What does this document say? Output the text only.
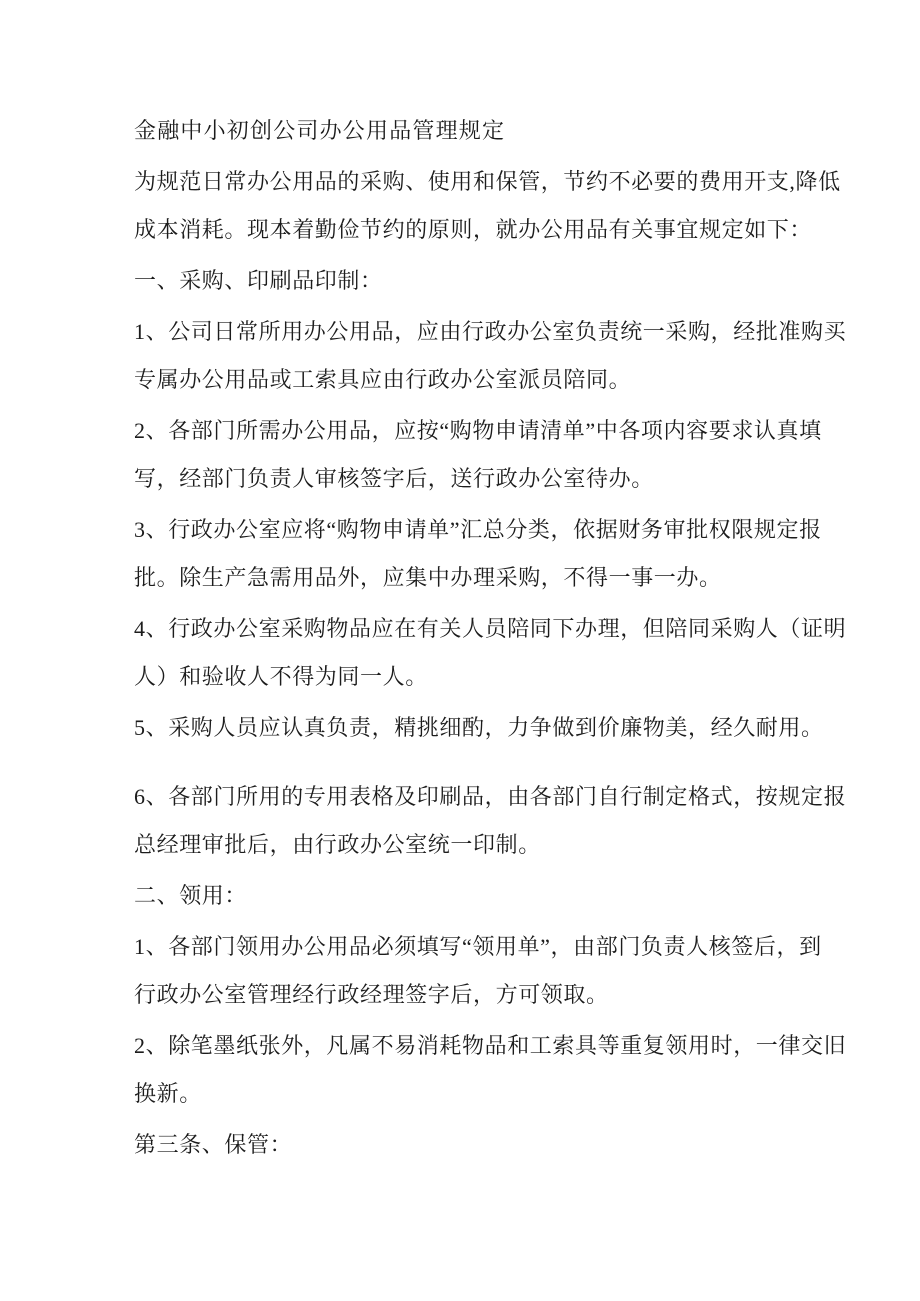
金融中小初创公司办公用品管理规定
为规范日常办公用品的采购、使用和保管，节约不必要的费用开支,降低
成本消耗。现本着勤俭节约的原则，就办公用品有关事宜规定如下：
一、采购、印刷品印制：
1、公司日常所用办公用品，应由行政办公室负责统一采购，经批准购买
专属办公用品或工索具应由行政办公室派员陪同。
2、各部门所需办公用品，应按“购物申请清单”中各项内容要求认真填
写，经部门负责人审核签字后，送行政办公室待办。
3、行政办公室应将“购物申请单”汇总分类，依据财务审批权限规定报
批。除生产急需用品外，应集中办理采购，不得一事一办。
4、行政办公室采购物品应在有关人员陪同下办理，但陪同采购人（证明
人）和验收人不得为同一人。
5、采购人员应认真负责，精挑细酌，力争做到价廉物美，经久耐用。
6、各部门所用的专用表格及印刷品，由各部门自行制定格式，按规定报
总经理审批后，由行政办公室统一印制。
二、领用：
1、各部门领用办公用品必须填写“领用单”，由部门负责人核签后，到
行政办公室管理经行政经理签字后，方可领取。
2、除笔墨纸张外，凡属不易消耗物品和工索具等重复领用时，一律交旧
换新。
第三条、保管：
